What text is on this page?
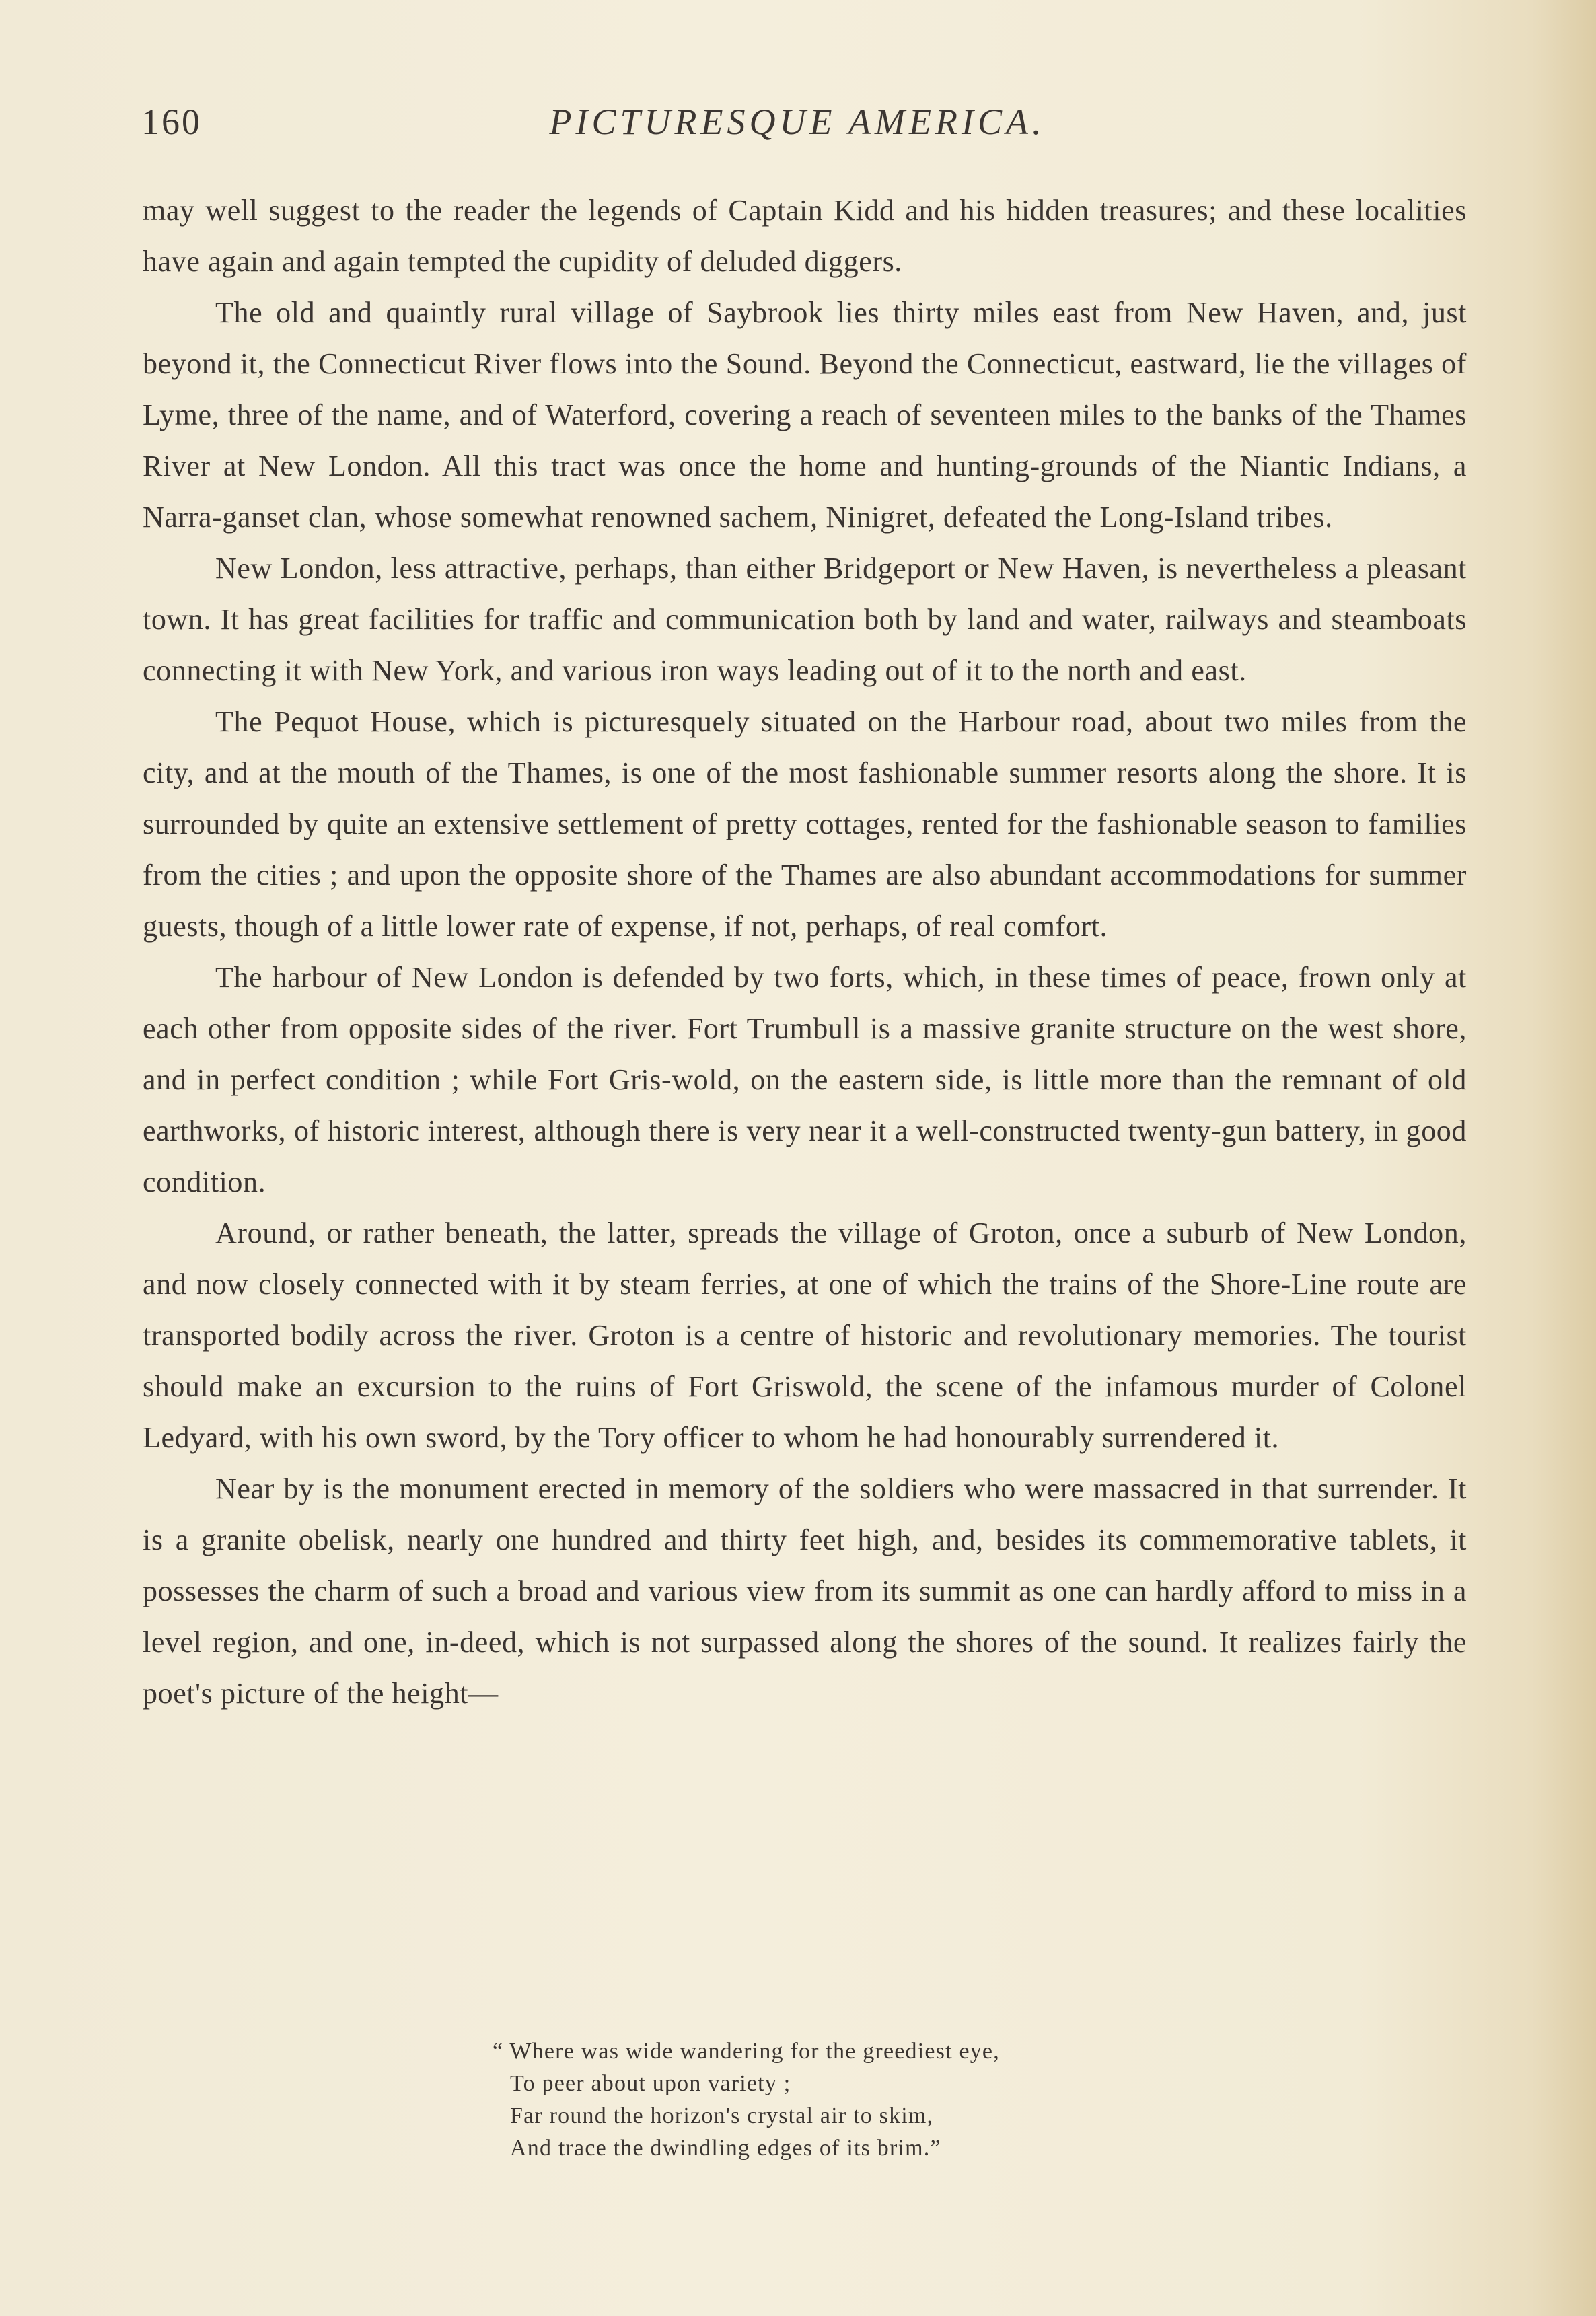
160	PICTURESQUE AMERICA.

may well suggest to the reader the legends of Captain Kidd and his hidden treasures; and these localities have again and again tempted the cupidity of deluded diggers.

The old and quaintly rural village of Saybrook lies thirty miles east from New Haven, and, just beyond it, the Connecticut River flows into the Sound. Beyond the Connecticut, eastward, lie the villages of Lyme, three of the name, and of Waterford, covering a reach of seventeen miles to the banks of the Thames River at New London. All this tract was once the home and hunting-grounds of the Niantic Indians, a Narra-ganset clan, whose somewhat renowned sachem, Ninigret, defeated the Long-Island tribes.

New London, less attractive, perhaps, than either Bridgeport or New Haven, is nevertheless a pleasant town. It has great facilities for traffic and communication both by land and water, railways and steamboats connecting it with New York, and various iron ways leading out of it to the north and east.

The Pequot House, which is picturesquely situated on the Harbour road, about two miles from the city, and at the mouth of the Thames, is one of the most fashionable summer resorts along the shore. It is surrounded by quite an extensive settlement of pretty cottages, rented for the fashionable season to families from the cities ; and upon the opposite shore of the Thames are also abundant accommodations for summer guests, though of a little lower rate of expense, if not, perhaps, of real comfort.

The harbour of New London is defended by two forts, which, in these times of peace, frown only at each other from opposite sides of the river. Fort Trumbull is a massive granite structure on the west shore, and in perfect condition ; while Fort Gris-wold, on the eastern side, is little more than the remnant of old earthworks, of historic interest, although there is very near it a well-constructed twenty-gun battery, in good condition.

Around, or rather beneath, the latter, spreads the village of Groton, once a suburb of New London, and now closely connected with it by steam ferries, at one of which the trains of the Shore-Line route are transported bodily across the river. Groton is a centre of historic and revolutionary memories. The tourist should make an excursion to the ruins of Fort Griswold, the scene of the infamous murder of Colonel Ledyard, with his own sword, by the Tory officer to whom he had honourably surrendered it.

Near by is the monument erected in memory of the soldiers who were massacred in that surrender. It is a granite obelisk, nearly one hundred and thirty feet high, and, besides its commemorative tablets, it possesses the charm of such a broad and various view from its summit as one can hardly afford to miss in a level region, and one, in-deed, which is not surpassed along the shores of the sound. It realizes fairly the poet's picture of the height—

“ Where was wide wandering for the greediest eye,
To peer about upon variety ;
Far round the horizon's crystal air to skim,
And trace the dwindling edges of its brim.”
